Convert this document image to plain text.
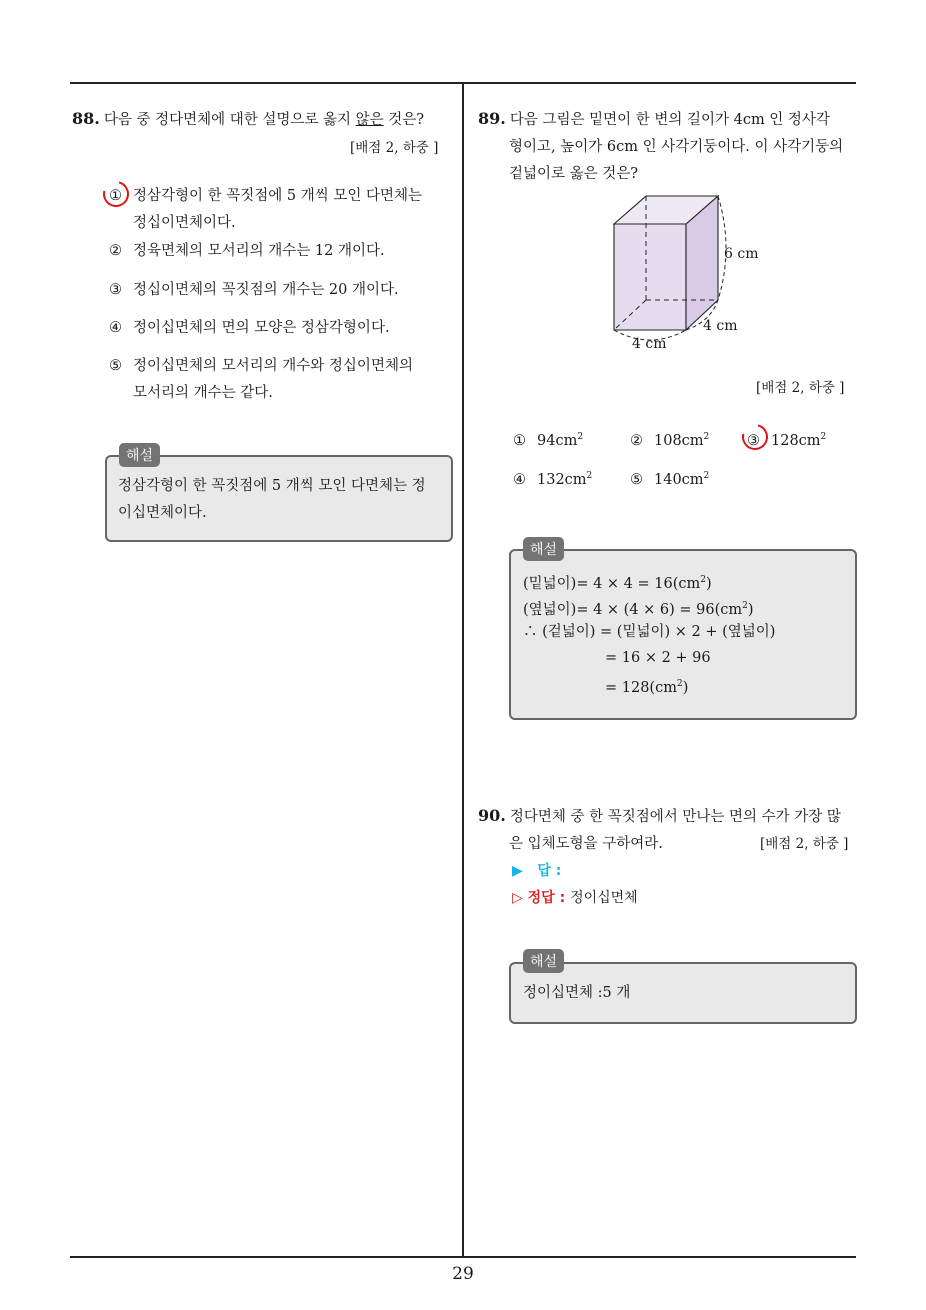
88. 다음 중 정다면체에 대한 설명으로 옳지 않은 것은?
[배점 2, 하중 ]
① 정삼각형이 한 꼭짓점에 5 개씩 모인 다면체는
정십이면체이다.
② 정육면체의 모서리의 개수는 12 개이다.
③ 정십이면체의 꼭짓점의 개수는 20 개이다.
④ 정이십면체의 면의 모양은 정삼각형이다.
⑤ 정이십면체의 모서리의 개수와 정십이면체의
모서리의 개수는 같다.
해설
정삼각형이 한 꼭짓점에 5 개씩 모인 다면체는 정
이십면체이다.
89. 다음 그림은 밑면이 한 변의 길이가 4cm 인 정사각
형이고, 높이가 6cm 인 사각기둥이다. 이 사각기둥의
겉넓이로 옳은 것은?
6 cm
4 cm
4 cm
[배점 2, 하중 ]
① $94cm^2$	② $108cm^2$	③ $128cm^2$
④ $132cm^2$	⑤ $140cm^2$
해설
(밑넓이)= $4 \times 4 = 16(cm^2)$
(옆넓이)= $4 \times (4 \times 6) = 96(cm^2)$
∴ (겉넓이) = (밑넓이) × 2 + (옆넓이)
= 16 × 2 + 96
= $128(cm^2)$
90. 정다면체 중 한 꼭짓점에서 만나는 면의 수가 가장 많
은 입체도형을 구하여라.	[배점 2, 하중 ]
▶ 답 :
▷ 정답 : 정이십면체
해설
정이십면체 :5 개
29
